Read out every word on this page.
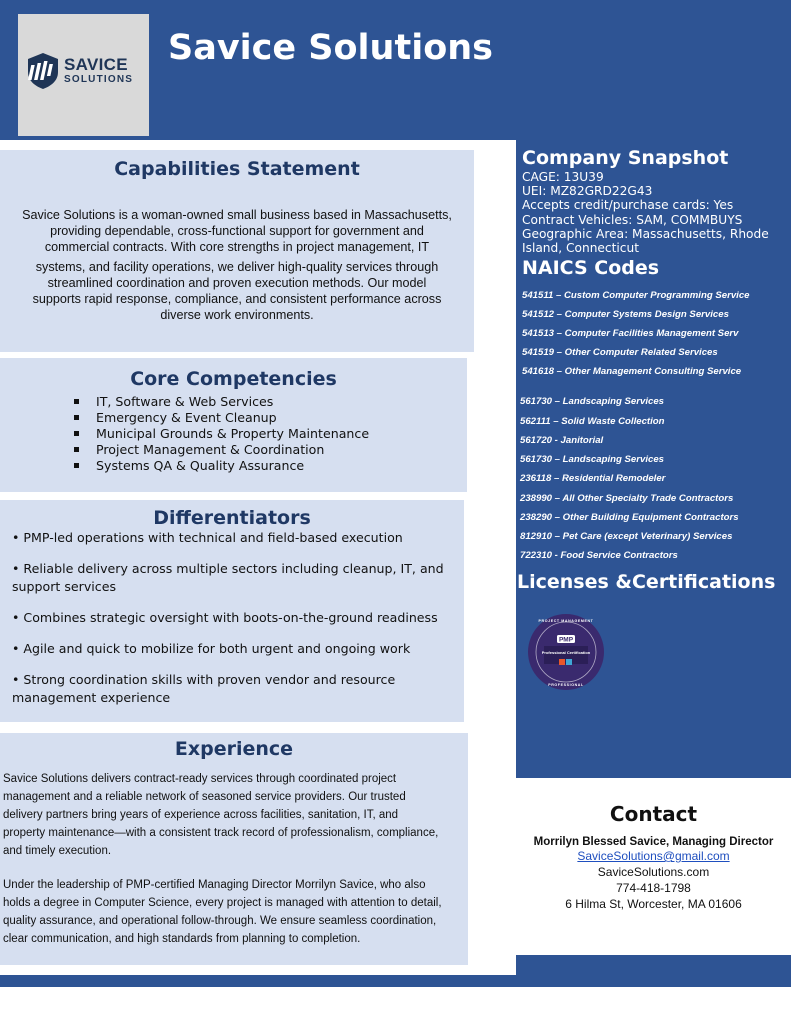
SAVICE
SOLUTIONS
Savice Solutions
Capabilities Statement
Savice Solutions is a woman-owned small business based in Massachusetts,
providing dependable, cross-functional support for government and
commercial contracts. With core strengths in project management, IT
systems, and facility operations, we deliver high-quality services through
streamlined coordination and proven execution methods. Our model
supports rapid response, compliance, and consistent performance across
diverse work environments.
Core Competencies
IT, Software & Web Services
Emergency & Event Cleanup
Municipal Grounds & Property Maintenance
Project Management & Coordination
Systems QA & Quality Assurance
Differentiators
• PMP-led operations with technical and field-based execution
• Reliable delivery across multiple sectors including cleanup, IT, and support services
• Combines strategic oversight with boots-on-the-ground readiness
• Agile and quick to mobilize for both urgent and ongoing work
• Strong coordination skills with proven vendor and resource management experience
Experience
Savice Solutions delivers contract-ready services through coordinated project management and a reliable network of seasoned service providers. Our trusted delivery partners bring years of experience across facilities, sanitation, IT, and property maintenance—with a consistent track record of professionalism, compliance, and timely execution.
Under the leadership of PMP-certified Managing Director Morrilyn Savice, who also holds a degree in Computer Science, every project is managed with attention to detail, quality assurance, and operational follow-through. We ensure seamless coordination, clear communication, and high standards from planning to completion.
Company Snapshot
CAGE: 13U39
UEI: MZ82GRD22G43
Accepts credit/purchase cards: Yes
Contract Vehicles: SAM, COMMBUYS
Geographic Area: Massachusetts, Rhode
Island, Connecticut
NAICS Codes
541511 – Custom Computer Programming Service
541512 – Computer Systems Design Services
541513 – Computer Facilities Management Serv
541519 – Other Computer Related Services
541618 – Other Management Consulting Service
561730 – Landscaping Services
562111 – Solid Waste Collection
561720 - Janitorial
561730 – Landscaping Services
236118 – Residential Remodeler
238990 – All Other Specialty Trade Contractors
238290 – Other Building Equipment Contractors
812910 – Pet Care (except Veterinary) Services
722310 - Food Service Contractors
Licenses &Certifications
PMP
Professional Certification
PROJECT MANAGEMENT
PROFESSIONAL
Contact
Morrilyn Blessed Savice, Managing Director
SaviceSolutions@gmail.com
SaviceSolutions.com
774-418-1798
6 Hilma St, Worcester, MA 01606
